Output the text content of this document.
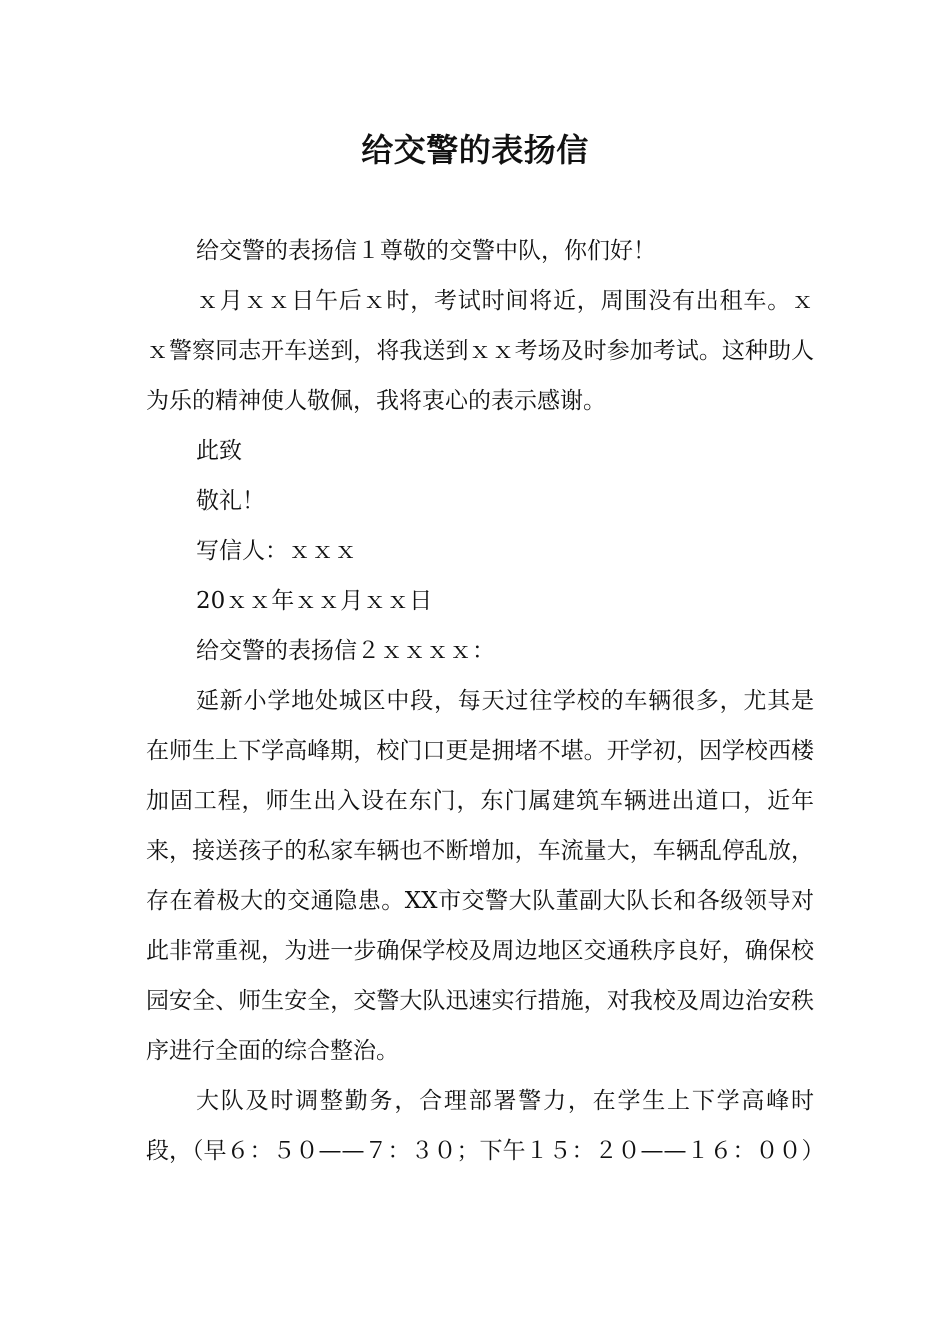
给交警的表扬信

给交警的表扬信１尊敬的交警中队，你们好！

ｘ月ｘｘ日午后ｘ时，考试时间将近，周围没有出租车。ｘｘ警察同志开车送到，将我送到ｘｘ考场及时参加考试。这种助人为乐的精神使人敬佩，我将衷心的表示感谢。

此致

敬礼！

写信人：ｘｘｘ

20ｘｘ年ｘｘ月ｘｘ日

给交警的表扬信２ｘｘｘｘ：

延新小学地处城区中段，每天过往学校的车辆很多，尤其是在师生上下学高峰期，校门口更是拥堵不堪。开学初，因学校西楼加固工程，师生出入设在东门，东门属建筑车辆进出道口，近年来，接送孩子的私家车辆也不断增加，车流量大，车辆乱停乱放，存在着极大的交通隐患。XX市交警大队董副大队长和各级领导对此非常重视，为进一步确保学校及周边地区交通秩序良好，确保校园安全、师生安全，交警大队迅速实行措施，对我校及周边治安秩序进行全面的综合整治。

大队及时调整勤务，合理部署警力，在学生上下学高峰时段，（早６：５０——７：３０；下午１５：２０——１６：００）
